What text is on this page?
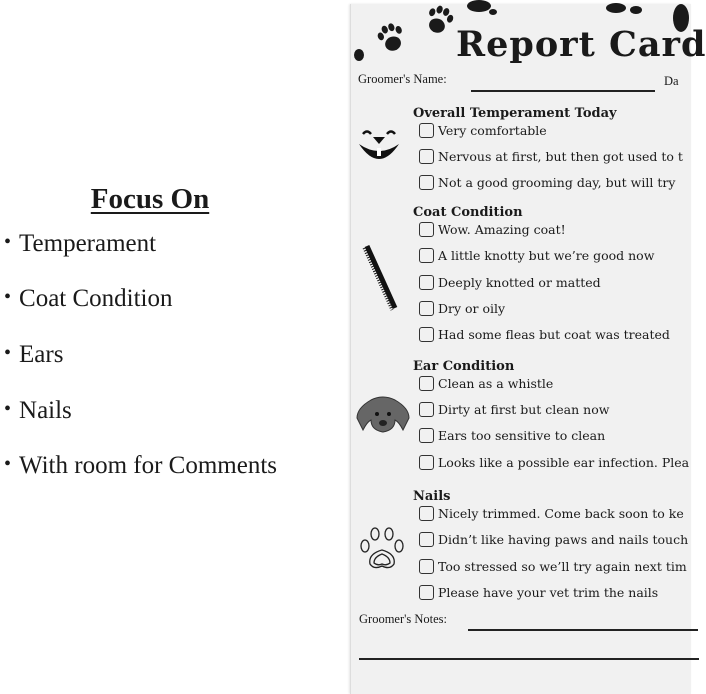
Focus On
• Temperament
• Coat Condition
• Ears
• Nails
• With room for Comments
Report Card
Groomer's Name:	Da
Overall Temperament Today
Very comfortable
Nervous at first, but then got used to t
Not a good grooming day, but will try
Coat Condition
Wow. Amazing coat!
A little knotty but we’re good now
Deeply knotted or matted
Dry or oily
Had some fleas but coat was treated
Ear Condition
Clean as a whistle
Dirty at first but clean now
Ears too sensitive to clean
Looks like a possible ear infection. Plea
Nails
Nicely trimmed. Come back soon to ke
Didn’t like having paws and nails touch
Too stressed so we’ll try again next tim
Please have your vet trim the nails
Groomer's Notes:
